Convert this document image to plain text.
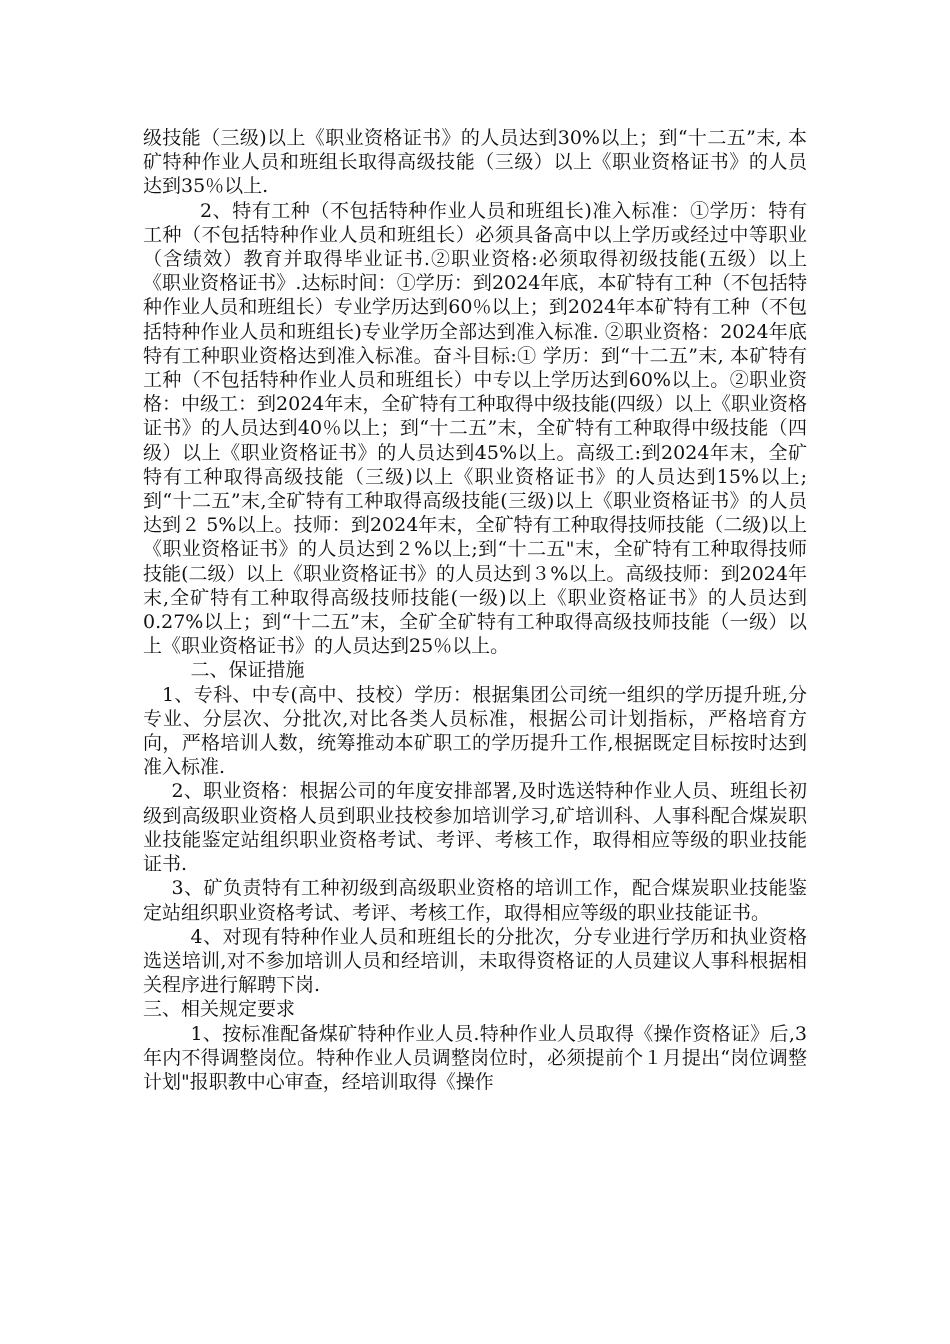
级技能（三级)以上《职业资格证书》的人员达到30%以上；到“十二五”末, 本矿特种作业人员和班组长取得高级技能（三级）以上《职业资格证书》的人员达到35％以上.

2、特有工种（不包括特种作业人员和班组长)准入标准：①学历：特有工种（不包括特种作业人员和班组长）必须具备高中以上学历或经过中等职业（含绩效）教育并取得毕业证书.②职业资格:必须取得初级技能(五级）以上《职业资格证书》.达标时间：①学历：到2024年底，本矿特有工种（不包括特种作业人员和班组长）专业学历达到60％以上；到2024年本矿特有工种（不包括特种作业人员和班组长)专业学历全部达到准入标准. ②职业资格：2024年底特有工种职业资格达到准入标准。奋斗目标:① 学历：到“十二五”末, 本矿特有工种（不包括特种作业人员和班组长）中专以上学历达到60%以上。②职业资格：中级工：到2024年末，全矿特有工种取得中级技能(四级）以上《职业资格证书》的人员达到40％以上；到“十二五”末，全矿特有工种取得中级技能（四级）以上《职业资格证书》的人员达到45%以上。高级工:到2024年末，全矿特有工种取得高级技能（三级)以上《职业资格证书》的人员达到15%以上;到“十二五”末,全矿特有工种取得高级技能(三级)以上《职业资格证书》的人员达到２ 5%以上。技师：到2024年末，全矿特有工种取得技师技能（二级)以上《职业资格证书》的人员达到２%以上;到“十二五"末，全矿特有工种取得技师技能(二级）以上《职业资格证书》的人员达到３%以上。高级技师：到2024年末,全矿特有工种取得高级技师技能(一级)以上《职业资格证书》的人员达到0.27%以上；到“十二五”末，全矿全矿特有工种取得高级技师技能（一级）以上《职业资格证书》的人员达到25％以上。

二、保证措施

1、专科、中专(高中、技校）学历：根据集团公司统一组织的学历提升班,分专业、分层次、分批次,对比各类人员标准，根据公司计划指标，严格培育方向，严格培训人数，统筹推动本矿职工的学历提升工作,根据既定目标按时达到准入标准.

2、职业资格：根据公司的年度安排部署,及时选送特种作业人员、班组长初级到高级职业资格人员到职业技校参加培训学习,矿培训科、人事科配合煤炭职业技能鉴定站组织职业资格考试、考评、考核工作，取得相应等级的职业技能证书.

3、矿负责特有工种初级到高级职业资格的培训工作，配合煤炭职业技能鉴定站组织职业资格考试、考评、考核工作，取得相应等级的职业技能证书。

4、对现有特种作业人员和班组长的分批次，分专业进行学历和执业资格选送培训,对不参加培训人员和经培训，未取得资格证的人员建议人事科根据相关程序进行解聘下岗.

三、相关规定要求

1、按标准配备煤矿特种作业人员.特种作业人员取得《操作资格证》后,3年内不得调整岗位。特种作业人员调整岗位时，必须提前个１月提出“岗位调整计划"报职教中心审查，经培训取得《操作
